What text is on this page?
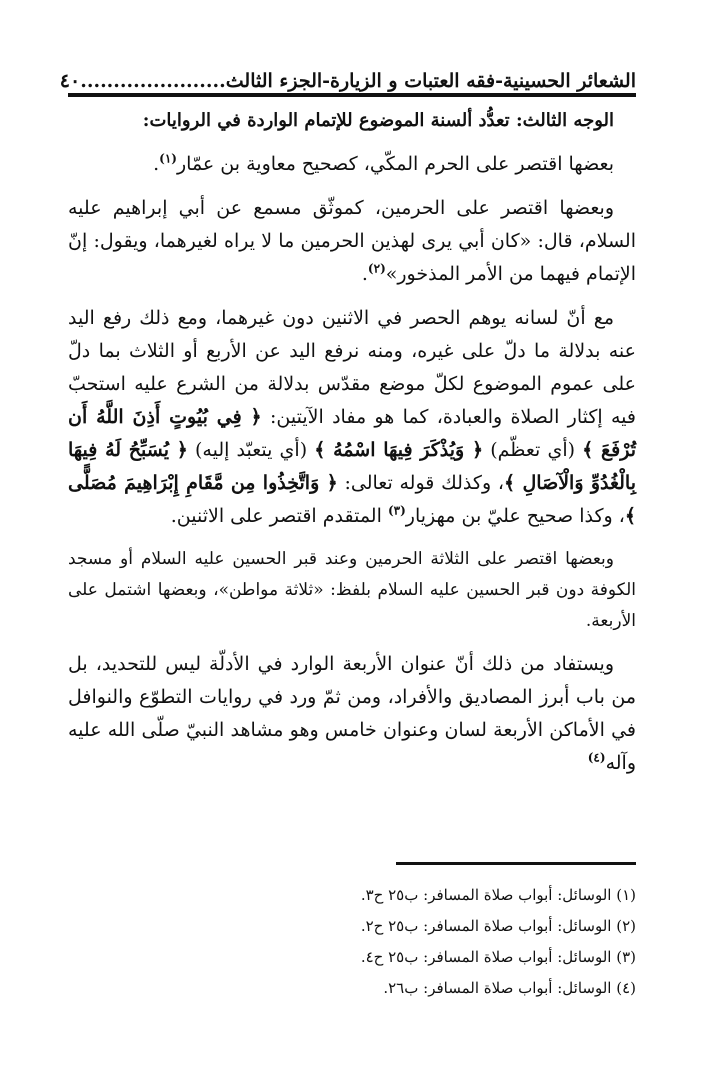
الشعائر الحسينية-فقه العتبات و الزيارة-الجزء الثالث
......................
٤٠

الوجه الثالث: تعدُّد ألسنة الموضوع للإتمام الواردة في الروايات:

بعضها اقتصر على الحرم المكّي، كصحيح معاوية بن عمّار$^{(١)}$.

وبعضها اقتصر على الحرمين، كموثّق مسمع عن أبي إبراهيم عليه السلام، قال: «كان أبي يرى لهذين الحرمين ما لا يراه لغيرهما، ويقول: إنّ الإتمام فيهما من الأمر المذخور»$^{(٢)}$.

مع أنّ لسانه يوهم الحصر في الاثنين دون غيرهما، ومع ذلك رفع اليد عنه بدلالة ما دلّ على غيره، ومنه نرفع اليد عن الأربع أو الثلاث بما دلّ على عموم الموضوع لكلّ موضع مقدّس بدلالة من الشرع عليه استحبّ فيه إكثار الصلاة والعبادة، كما هو مفاد الآيتين: ﴿ فِي بُيُوتٍ أَذِنَ اللَّهُ أَن تُرْفَعَ ﴾ (أي تعظّم) ﴿ وَيُذْكَرَ فِيهَا اسْمُهُ ﴾ (أي يتعبّد إليه) ﴿ يُسَبِّحُ لَهُ فِيهَا بِالْغُدُوِّ وَالْآصَالِ ﴾، وكذلك قوله تعالى: ﴿ وَاتَّخِذُوا مِن مَّقَامِ إِبْرَاهِيمَ مُصَلًّى ﴾، وكذا صحيح عليّ بن مهزيار$^{(٣)}$ المتقدم اقتصر على الاثنين.

وبعضها اقتصر على الثلاثة الحرمين وعند قبر الحسين عليه السلام أو مسجد الكوفة دون قبر الحسين عليه السلام بلفظ: «ثلاثة مواطن»، وبعضها اشتمل على الأربعة.

ويستفاد من ذلك أنّ عنوان الأربعة الوارد في الأدلّة ليس للتحديد، بل من باب أبرز المصاديق والأفراد، ومن ثمّ ورد في روايات التطوّع والنوافل في الأماكن الأربعة لسان وعنوان خامس وهو مشاهد النبيّ صلّى الله عليه وآله$^{(٤)}$

(١) الوسائل: أبواب صلاة المسافر: ب٢٥ ح٣.

(٢) الوسائل: أبواب صلاة المسافر: ب٢٥ ح٢.

(٣) الوسائل: أبواب صلاة المسافر: ب٢٥ ح٤.

(٤) الوسائل: أبواب صلاة المسافر: ب٢٦.
